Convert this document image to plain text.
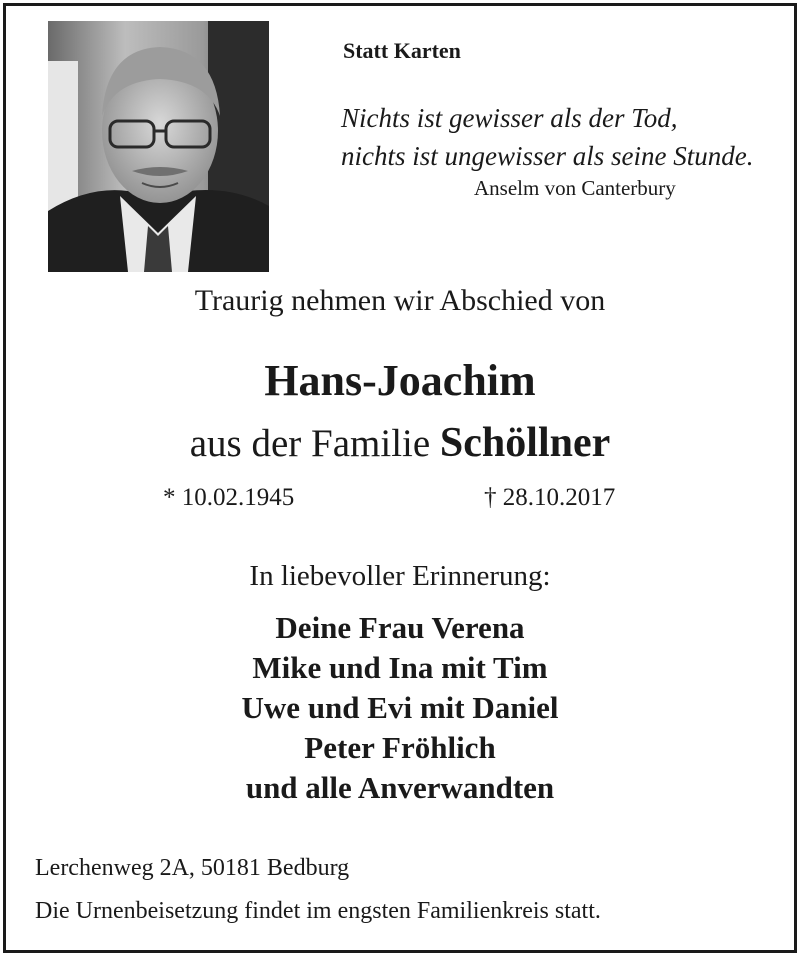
Statt Karten
Nichts ist gewisser als der Tod,
nichts ist ungewisser als seine Stunde.
Anselm von Canterbury
Traurig nehmen wir Abschied von
Hans-Joachim
aus der Familie Schöllner
* 10.02.1945	† 28.10.2017
In liebevoller Erinnerung:
Deine Frau Verena
Mike und Ina mit Tim
Uwe und Evi mit Daniel
Peter Fröhlich
und alle Anverwandten
Lerchenweg 2A, 50181 Bedburg
Die Urnenbeisetzung findet im engsten Familienkreis statt.
